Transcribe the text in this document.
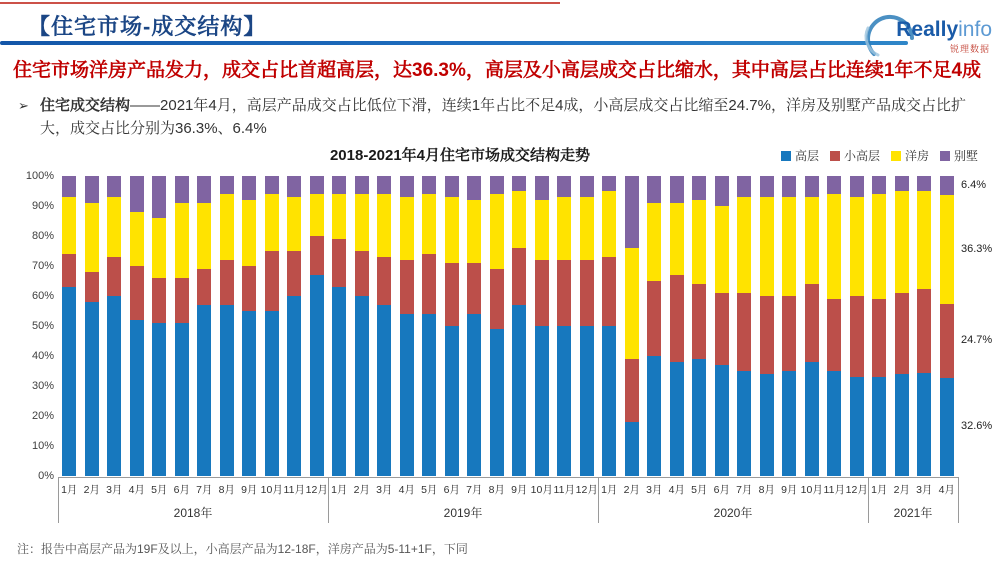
【住宅市场-成交结构】	Reallyinfo
锐理数据
住宅市场洋房产品发力，成交占比首超高层，达36.3%，高层及小高层成交占比缩水，其中高层占比连续1年不足4成
➢ 住宅成交结构——2021年4月，高层产品成交占比低位下滑，连续1年占比不足4成，小高层成交占比缩至24.7%，洋房及别墅产品成交占比扩大，成交占比分别为36.3%、6.4%
2018-2021年4月住宅市场成交结构走势	高层 小高层 洋房 别墅
0%
10%
20%
30%
40%
50%
60%
70%
80%
90%
100%
1月 2月 3月 4月 5月 6月 7月 8月 9月 10月 11月 12月 1月 2月 3月 4月 5月 6月 7月 8月 9月 10月 11月 12月 1月 2月 3月 4月 5月 6月 7月 8月 9月 10月 11月 12月 1月 2月 3月 4月
2018年	2019年	2020年	2021年
6.4%
36.3%
24.7%
32.6%
注：报告中高层产品为19F及以上，小高层产品为12-18F，洋房产品为5-11+1F，下同
